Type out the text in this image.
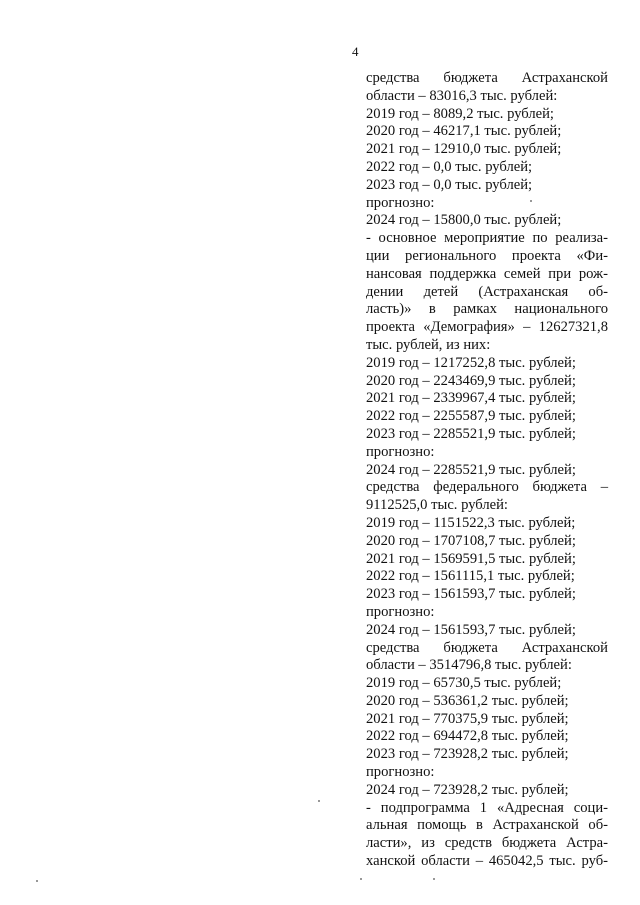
4
средства бюджета Астраханской
области – 83016,3 тыс. рублей:
2019 год – 8089,2 тыс. рублей;
2020 год – 46217,1 тыс. рублей;
2021 год – 12910,0 тыс. рублей;
2022 год – 0,0 тыс. рублей;
2023 год – 0,0 тыс. рублей;
прогнозно:
2024 год – 15800,0 тыс. рублей;
- основное мероприятие по реализа-
ции регионального проекта «Фи-
нансовая поддержка семей при рож-
дении детей (Астраханская об-
ласть)» в рамках национального
проекта «Демография» – 12627321,8
тыс. рублей, из них:
2019 год – 1217252,8 тыс. рублей;
2020 год – 2243469,9 тыс. рублей;
2021 год – 2339967,4 тыс. рублей;
2022 год – 2255587,9 тыс. рублей;
2023 год – 2285521,9 тыс. рублей;
прогнозно:
2024 год – 2285521,9 тыс. рублей;
средства федерального бюджета –
9112525,0 тыс. рублей:
2019 год – 1151522,3 тыс. рублей;
2020 год – 1707108,7 тыс. рублей;
2021 год – 1569591,5 тыс. рублей;
2022 год – 1561115,1 тыс. рублей;
2023 год – 1561593,7 тыс. рублей;
прогнозно:
2024 год – 1561593,7 тыс. рублей;
средства бюджета Астраханской
области – 3514796,8 тыс. рублей:
2019 год – 65730,5 тыс. рублей;
2020 год – 536361,2 тыс. рублей;
2021 год – 770375,9 тыс. рублей;
2022 год – 694472,8 тыс. рублей;
2023 год – 723928,2 тыс. рублей;
прогнозно:
2024 год – 723928,2 тыс. рублей;
- подпрограмма 1 «Адресная соци-
альная помощь в Астраханской об-
ласти», из средств бюджета Астра-
ханской области – 465042,5 тыс. руб-
